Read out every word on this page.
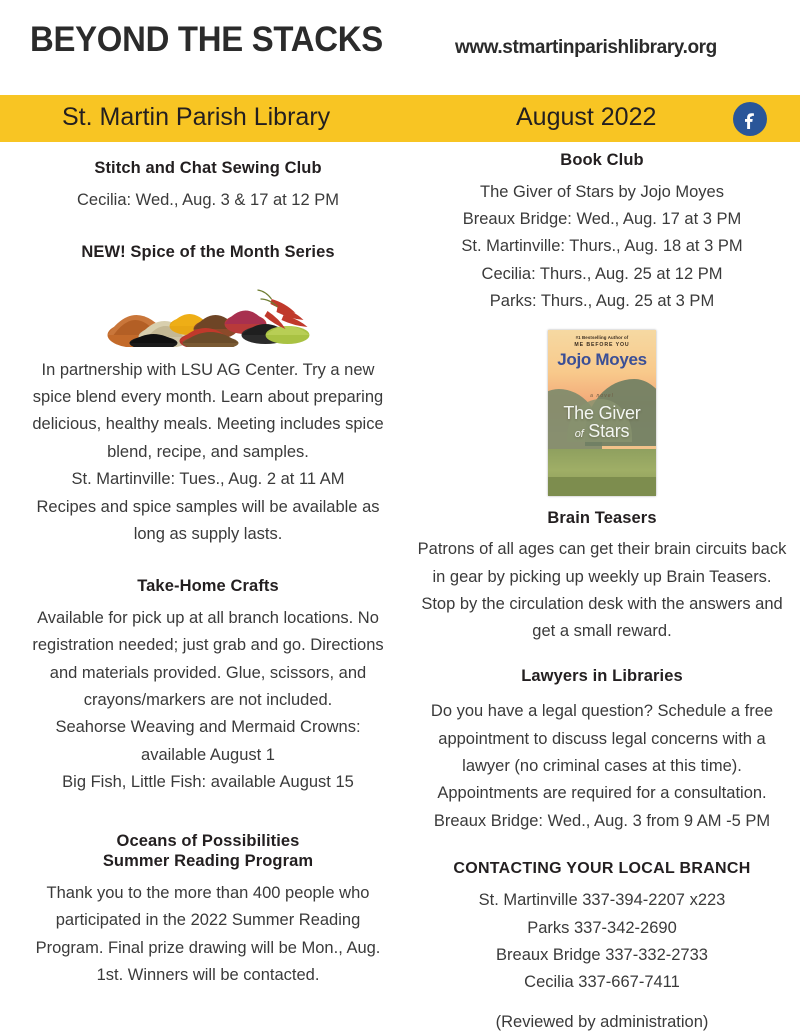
BEYOND THE STACKS	www.stmartinparishlibrary.org
St. Martin Parish Library	August 2022
Stitch and Chat Sewing Club

Cecilia: Wed., Aug. 3 & 17 at 12 PM

NEW! Spice of the Month Series

In partnership with LSU AG Center. Try a new spice blend every month. Learn about preparing delicious, healthy meals. Meeting includes spice blend, recipe, and samples.

St. Martinville: Tues., Aug. 2 at 11 AM

Recipes and spice samples will be available as long as supply lasts.

Take-Home Crafts

Available for pick up at all branch locations. No registration needed; just grab and go. Directions and materials provided. Glue, scissors, and crayons/markers are not included.

Seahorse Weaving and Mermaid Crowns: available August 1

Big Fish, Little Fish: available August 15

Oceans of Possibilities
Summer Reading Program

Thank you to the more than 400 people who participated in the 2022 Summer Reading Program. Final prize drawing will be Mon., Aug. 1st. Winners will be contacted.

Book Club

The Giver of Stars by Jojo Moyes

Breaux Bridge: Wed., Aug. 17 at 3 PM

St. Martinville: Thurs., Aug. 18 at 3 PM

Cecilia: Thurs., Aug. 25 at 12 PM

Parks: Thurs., Aug. 25 at 3 PM

#1 Bestselling Author of
ME BEFORE YOU
Jojo Moyes
a novel
The Giver
of Stars
Brain Teasers

Patrons of all ages can get their brain circuits back in gear by picking up weekly up Brain Teasers. Stop by the circulation desk with the answers and get a small reward.

Lawyers in Libraries

Do you have a legal question? Schedule a free appointment to discuss legal concerns with a lawyer (no criminal cases at this time). Appointments are required for a consultation.

Breaux Bridge: Wed., Aug. 3 from 9 AM -5 PM

CONTACTING YOUR LOCAL BRANCH

St. Martinville 337-394-2207 x223

Parks 337-342-2690

Breaux Bridge 337-332-2733

Cecilia 337-667-7411

(Reviewed by administration)
